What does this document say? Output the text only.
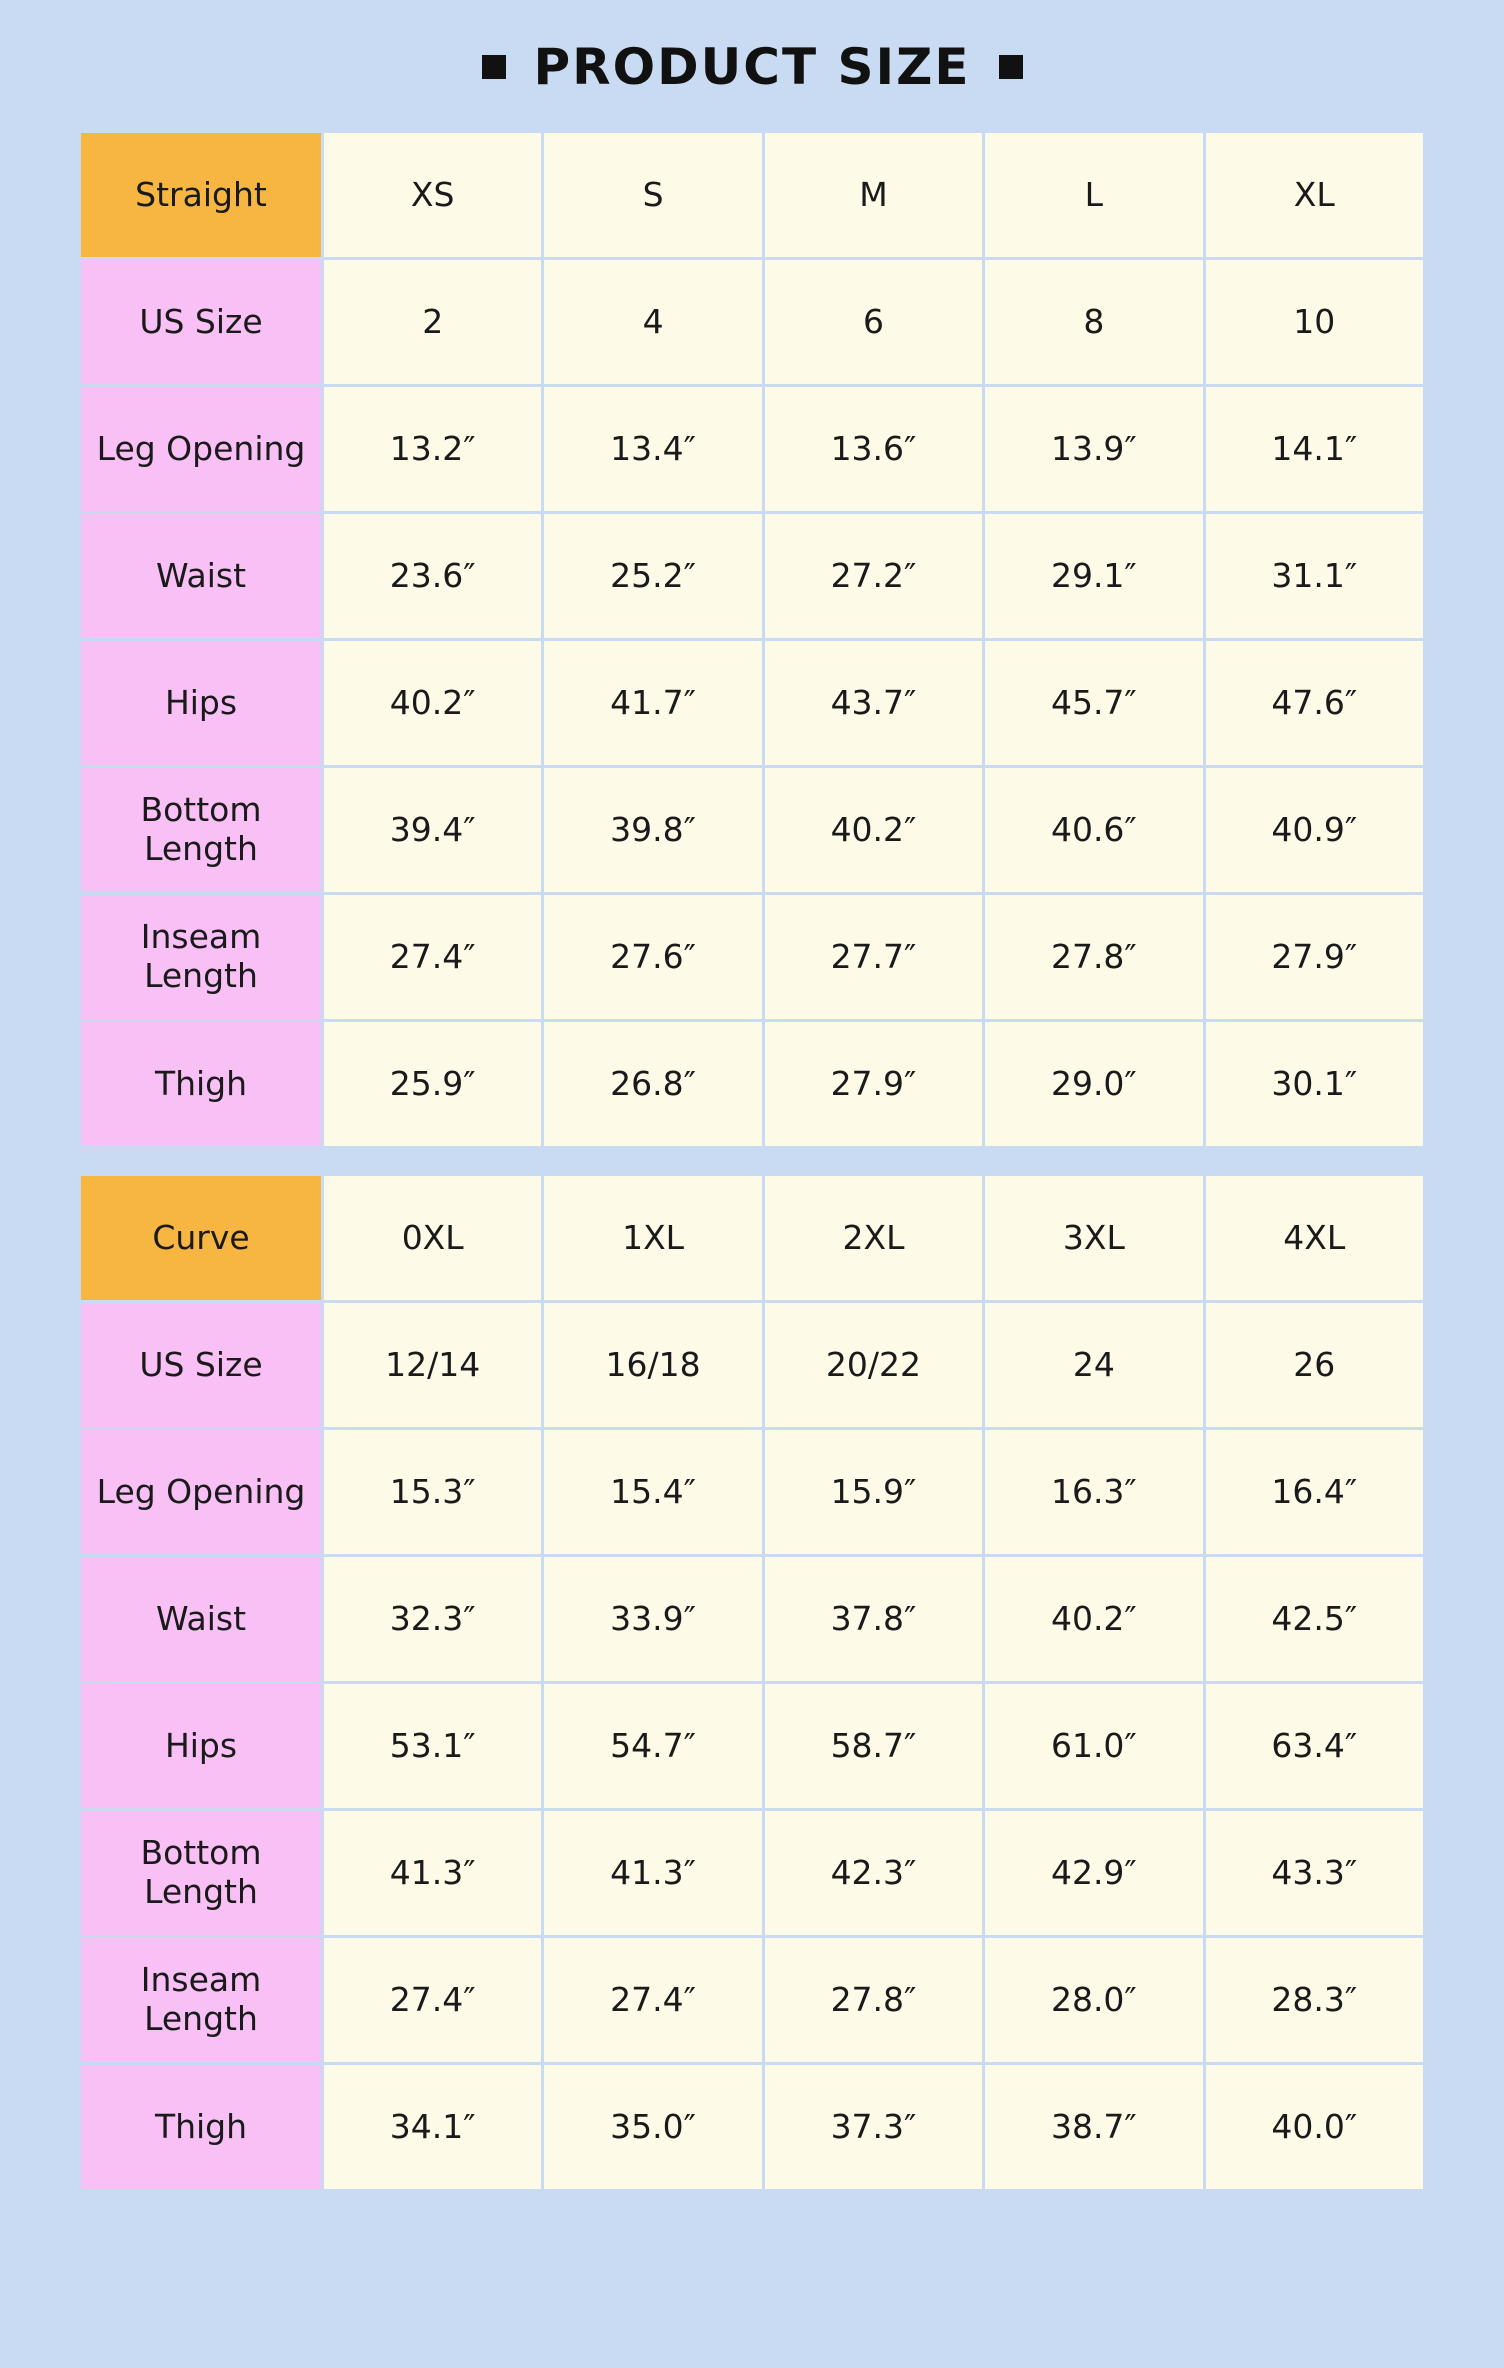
PRODUCT SIZE
Straight	XS	S	M	L	XL
US Size	2	4	6	8	10
Leg Opening	13.2″	13.4″	13.6″	13.9″	14.1″
Waist	23.6″	25.2″	27.2″	29.1″	31.1″
Hips	40.2″	41.7″	43.7″	45.7″	47.6″
Bottom Length	39.4″	39.8″	40.2″	40.6″	40.9″
Inseam Length	27.4″	27.6″	27.7″	27.8″	27.9″
Thigh	25.9″	26.8″	27.9″	29.0″	30.1″
Curve	0XL	1XL	2XL	3XL	4XL
US Size	12/14	16/18	20/22	24	26
Leg Opening	15.3″	15.4″	15.9″	16.3″	16.4″
Waist	32.3″	33.9″	37.8″	40.2″	42.5″
Hips	53.1″	54.7″	58.7″	61.0″	63.4″
Bottom Length	41.3″	41.3″	42.3″	42.9″	43.3″
Inseam Length	27.4″	27.4″	27.8″	28.0″	28.3″
Thigh	34.1″	35.0″	37.3″	38.7″	40.0″
